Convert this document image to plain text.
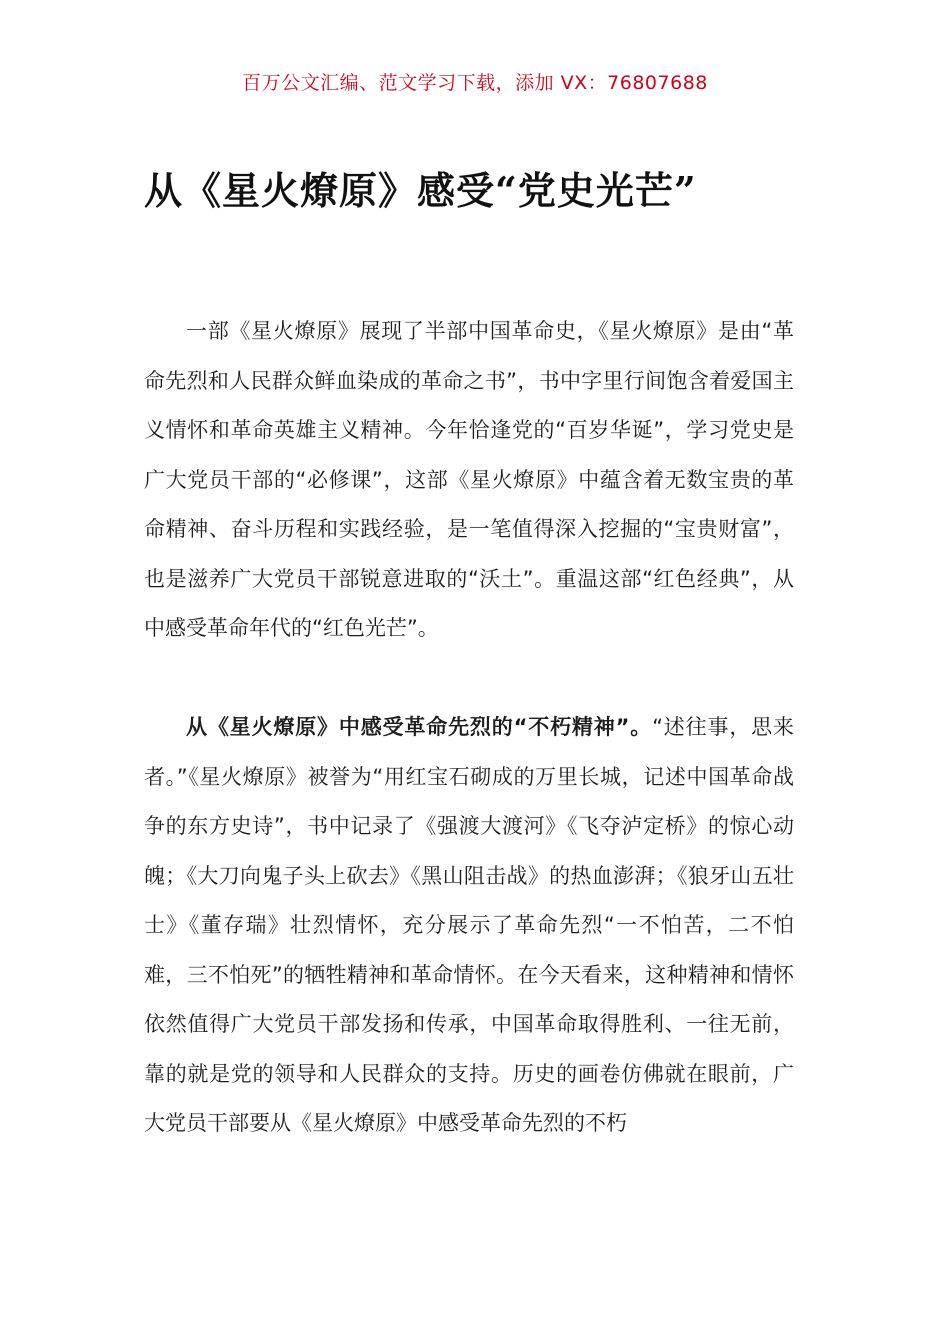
百万公文汇编、范文学习下载，添加 VX：76807688
从《星火燎原》感受“党史光芒”

一部《星火燎原》展现了半部中国革命史，《星火燎原》是由“革命先烈和人民群众鲜血染成的革命之书”，书中字里行间饱含着爱国主义情怀和革命英雄主义精神。今年恰逢党的“百岁华诞”，学习党史是广大党员干部的“必修课”，这部《星火燎原》中蕴含着无数宝贵的革命精神、奋斗历程和实践经验，是一笔值得深入挖掘的“宝贵财富”，也是滋养广大党员干部锐意进取的“沃土”。重温这部“红色经典”，从中感受革命年代的“红色光芒”。

从《星火燎原》中感受革命先烈的“不朽精神”。“述往事，思来者。”《星火燎原》被誉为“用红宝石砌成的万里长城，记述中国革命战争的东方史诗”，书中记录了《强渡大渡河》《飞夺泸定桥》的惊心动魄；《大刀向鬼子头上砍去》《黑山阻击战》的热血澎湃；《狼牙山五壮士》《董存瑞》壮烈情怀，充分展示了革命先烈“一不怕苦，二不怕难，三不怕死”的牺牲精神和革命情怀。在今天看来，这种精神和情怀依然值得广大党员干部发扬和传承，中国革命取得胜利、一往无前，靠的就是党的领导和人民群众的支持。历史的画卷仿佛就在眼前，广大党员干部要从《星火燎原》中感受革命先烈的不朽
